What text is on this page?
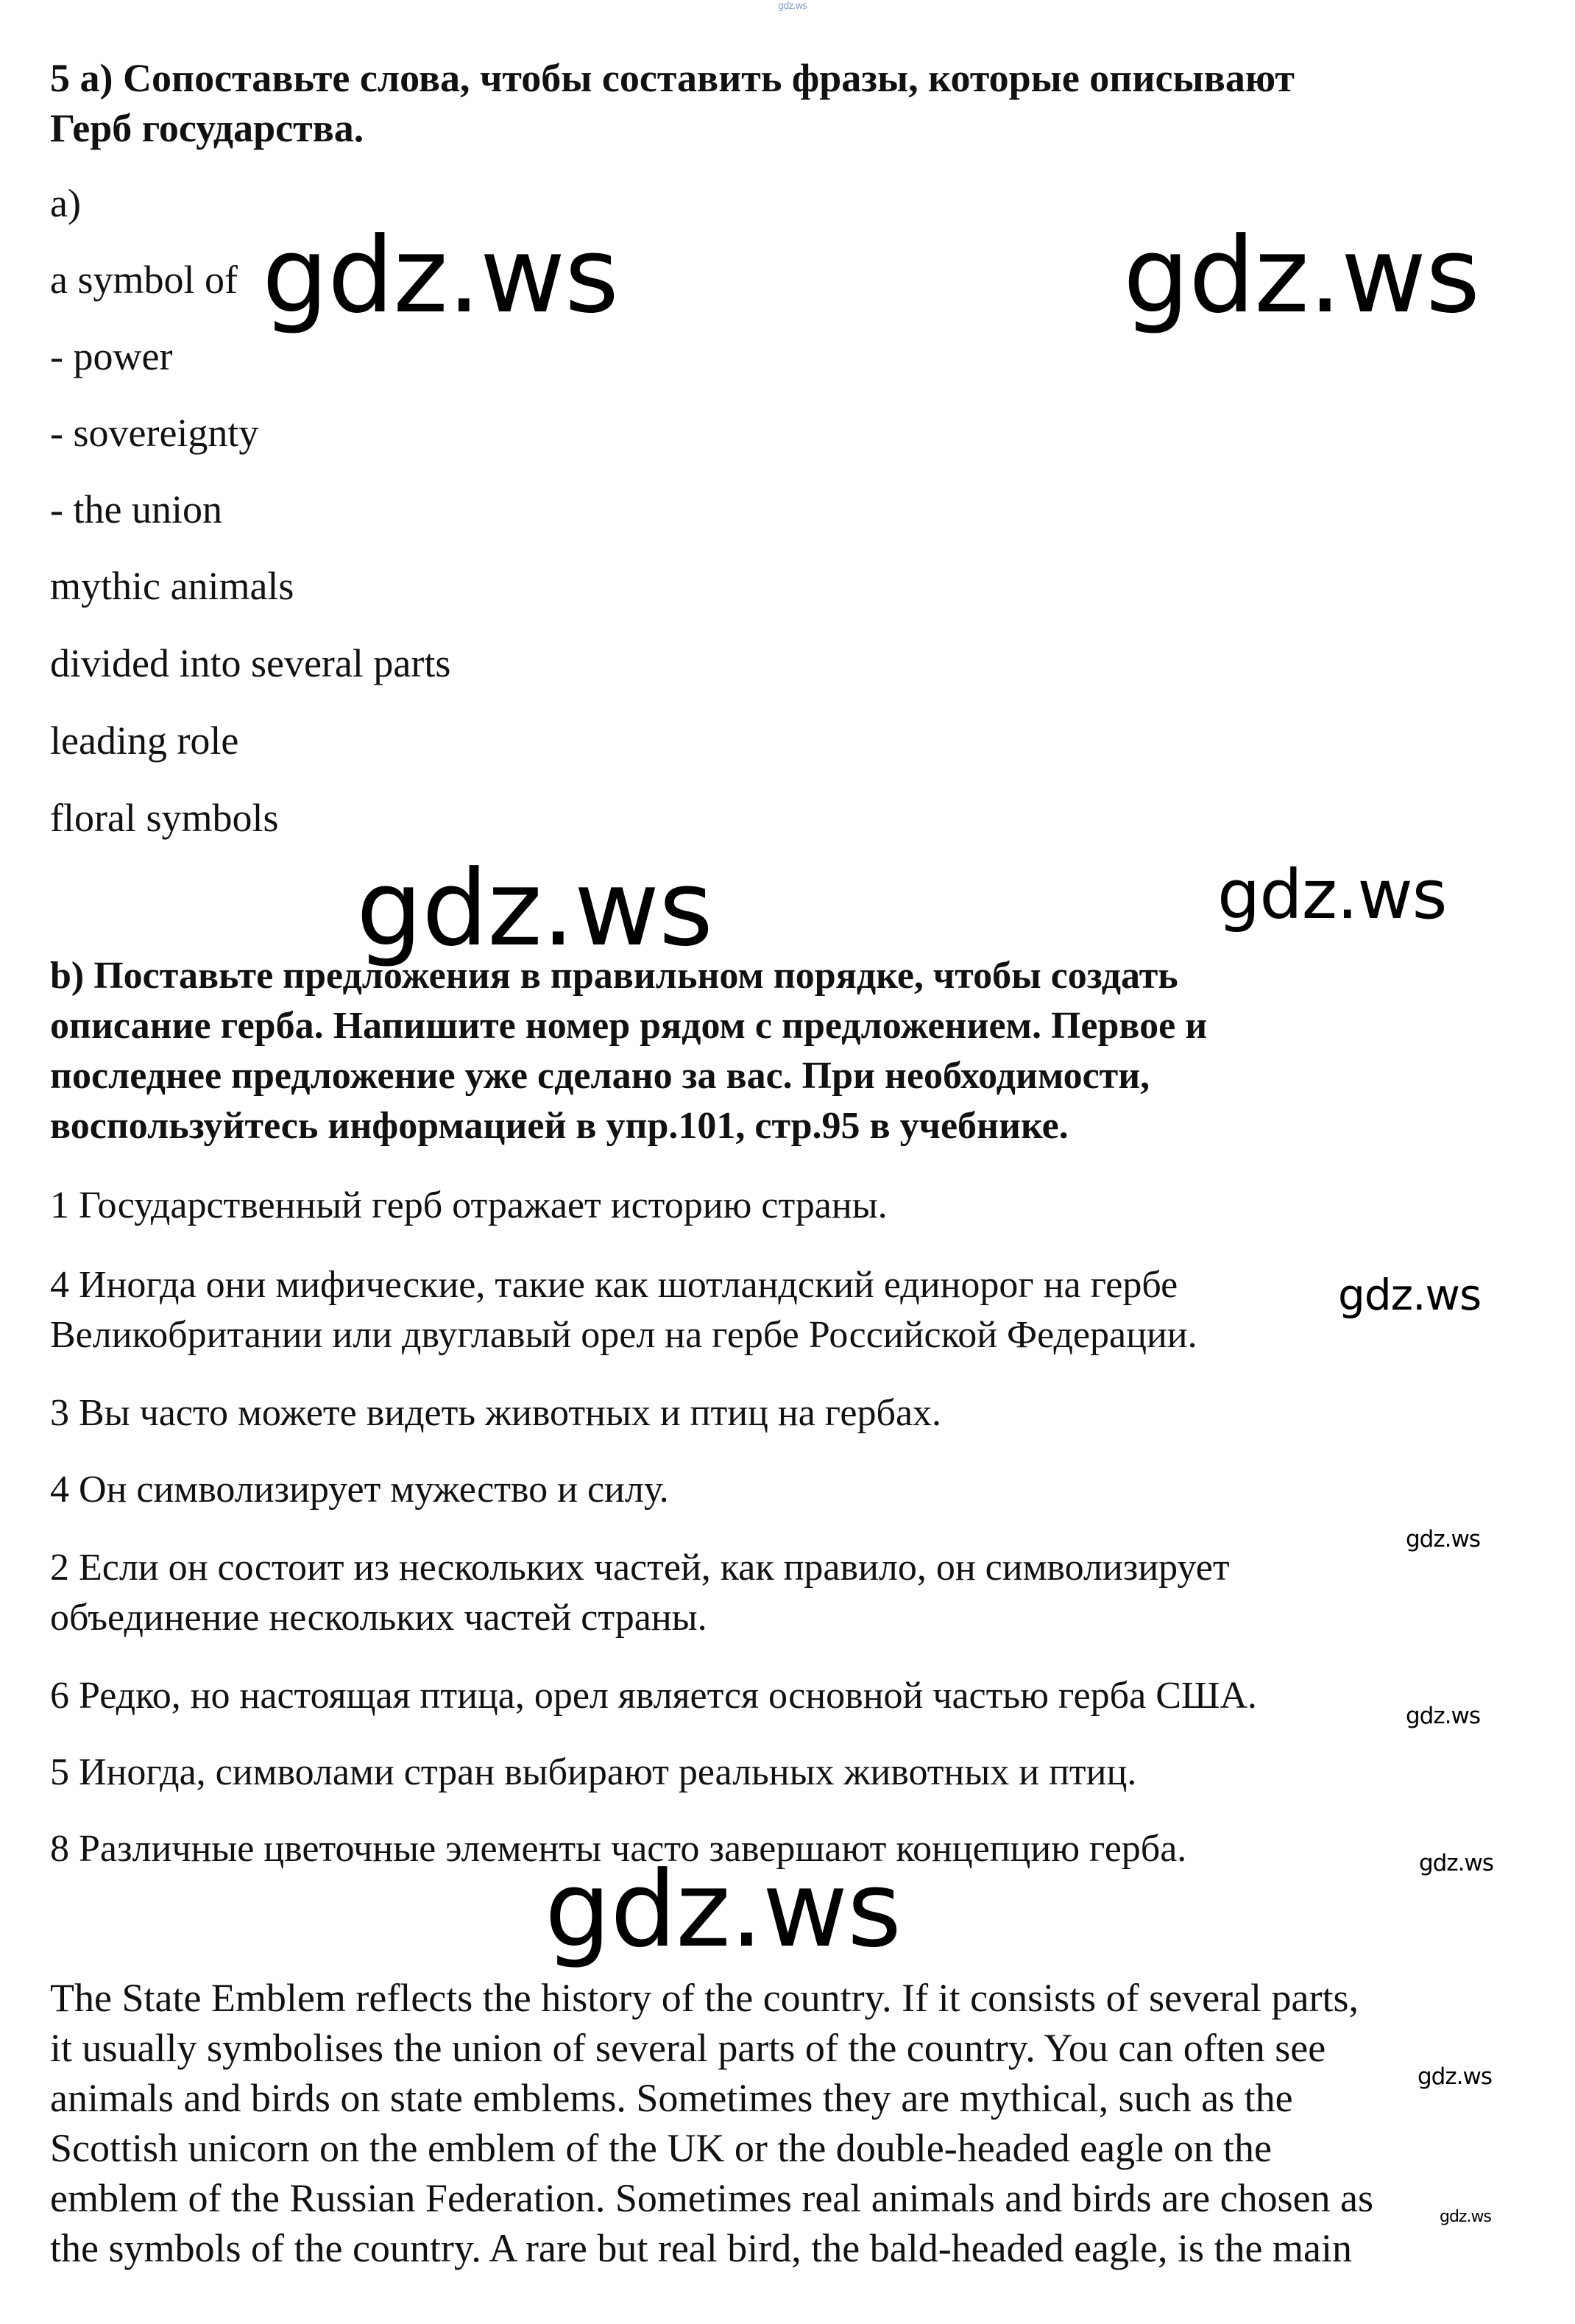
gdz.ws
5 а) Сопоставьте слова, чтобы составить фразы, которые описывают
Герб государства.
a)
a symbol of
- power
- sovereignty
- the union
mythic animals
divided into several parts
leading role
floral symbols
b) Поставьте предложения в правильном порядке, чтобы создать
описание герба. Напишите номер рядом с предложением. Первое и
последнее предложение уже сделано за вас. При необходимости,
воспользуйтесь информацией в упр.101, стр.95 в учебнике.
1 Государственный герб отражает историю страны.
4 Иногда они мифические, такие как шотландский единорог на гербе
Великобритании или двуглавый орел на гербе Российской Федерации.
3 Вы часто можете видеть животных и птиц на гербах.
4 Он символизирует мужество и силу.
2 Если он состоит из нескольких частей, как правило, он символизирует
объединение нескольких частей страны.
6 Редко, но настоящая птица, орел является основной частью герба США.
5 Иногда, символами стран выбирают реальных животных и птиц.
8 Различные цветочные элементы часто завершают концепцию герба.
The State Emblem reflects the history of the country. If it consists of several parts,
it usually symbolises the union of several parts of the country. You can often see
animals and birds on state emblems. Sometimes they are mythical, such as the
Scottish unicorn on the emblem of the UK or the double-headed eagle on the
emblem of the Russian Federation. Sometimes real animals and birds are chosen as
the symbols of the country. A rare but real bird, the bald-headed eagle, is the main
gdz.ws	gdz.ws
gdz.ws	gdz.ws
gdz.ws
gdz.ws
gdz.ws
gdz.ws
gdz.ws
gdz.ws
gdz.ws
